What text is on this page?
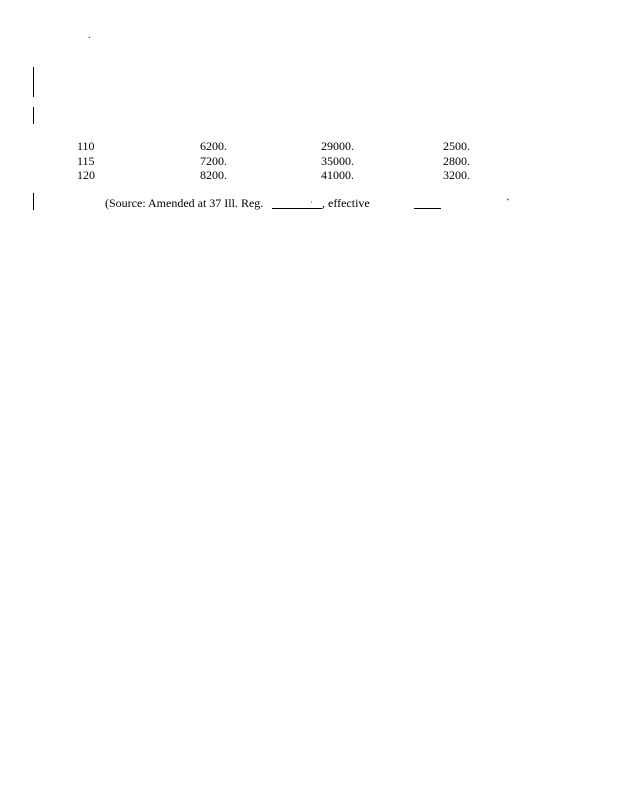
.
110	6200.	29000.	2500.
115	7200.	35000.	2800.
120	8200.	41000.	3200.
(Source: Amended at 37 Ill. Reg.	· , effective	`
